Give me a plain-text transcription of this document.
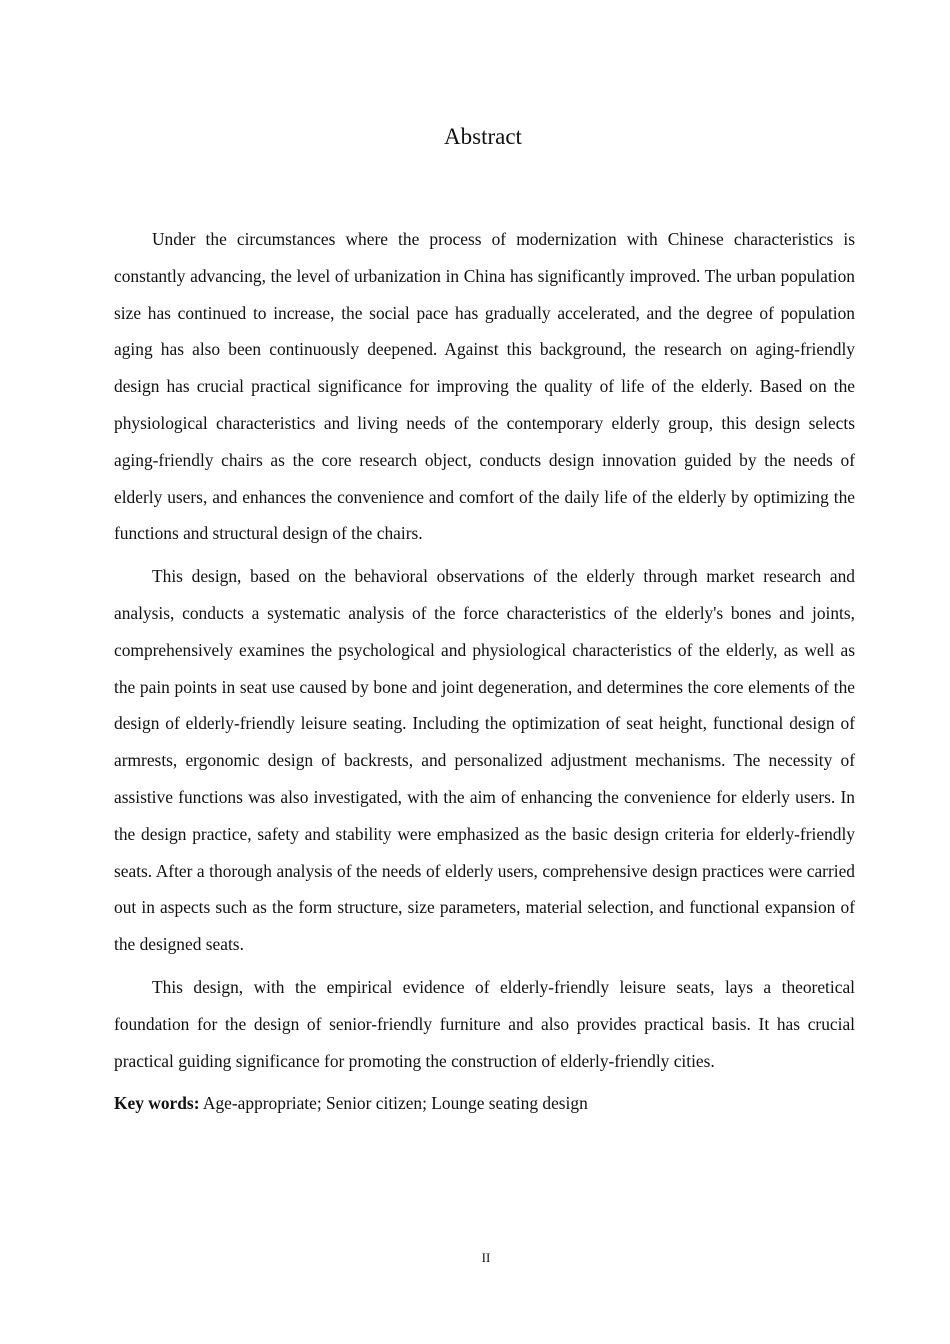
Abstract

Under the circumstances where the process of modernization with Chinese characteristics is constantly advancing, the level of urbanization in China has significantly improved. The urban population size has continued to increase, the social pace has gradually accelerated, and the degree of population aging has also been continuously deepened. Against this background, the research on aging-friendly design has crucial practical significance for improving the quality of life of the elderly. Based on the physiological characteristics and living needs of the contemporary elderly group, this design selects aging-friendly chairs as the core research object, conducts design innovation guided by the needs of elderly users, and enhances the convenience and comfort of the daily life of the elderly by optimizing the functions and structural design of the chairs.

This design, based on the behavioral observations of the elderly through market research and analysis, conducts a systematic analysis of the force characteristics of the elderly's bones and joints, comprehensively examines the psychological and physiological characteristics of the elderly, as well as the pain points in seat use caused by bone and joint degeneration, and determines the core elements of the design of elderly-friendly leisure seating. Including the optimization of seat height, functional design of armrests, ergonomic design of backrests, and personalized adjustment mechanisms. The necessity of assistive functions was also investigated, with the aim of enhancing the convenience for elderly users. In the design practice, safety and stability were emphasized as the basic design criteria for elderly-friendly seats. After a thorough analysis of the needs of elderly users, comprehensive design practices were carried out in aspects such as the form structure, size parameters, material selection, and functional expansion of the designed seats.

This design, with the empirical evidence of elderly-friendly leisure seats, lays a theoretical foundation for the design of senior-friendly furniture and also provides practical basis. It has crucial practical guiding significance for promoting the construction of elderly-friendly cities.

Key words: Age-appropriate; Senior citizen; Lounge seating design

II
